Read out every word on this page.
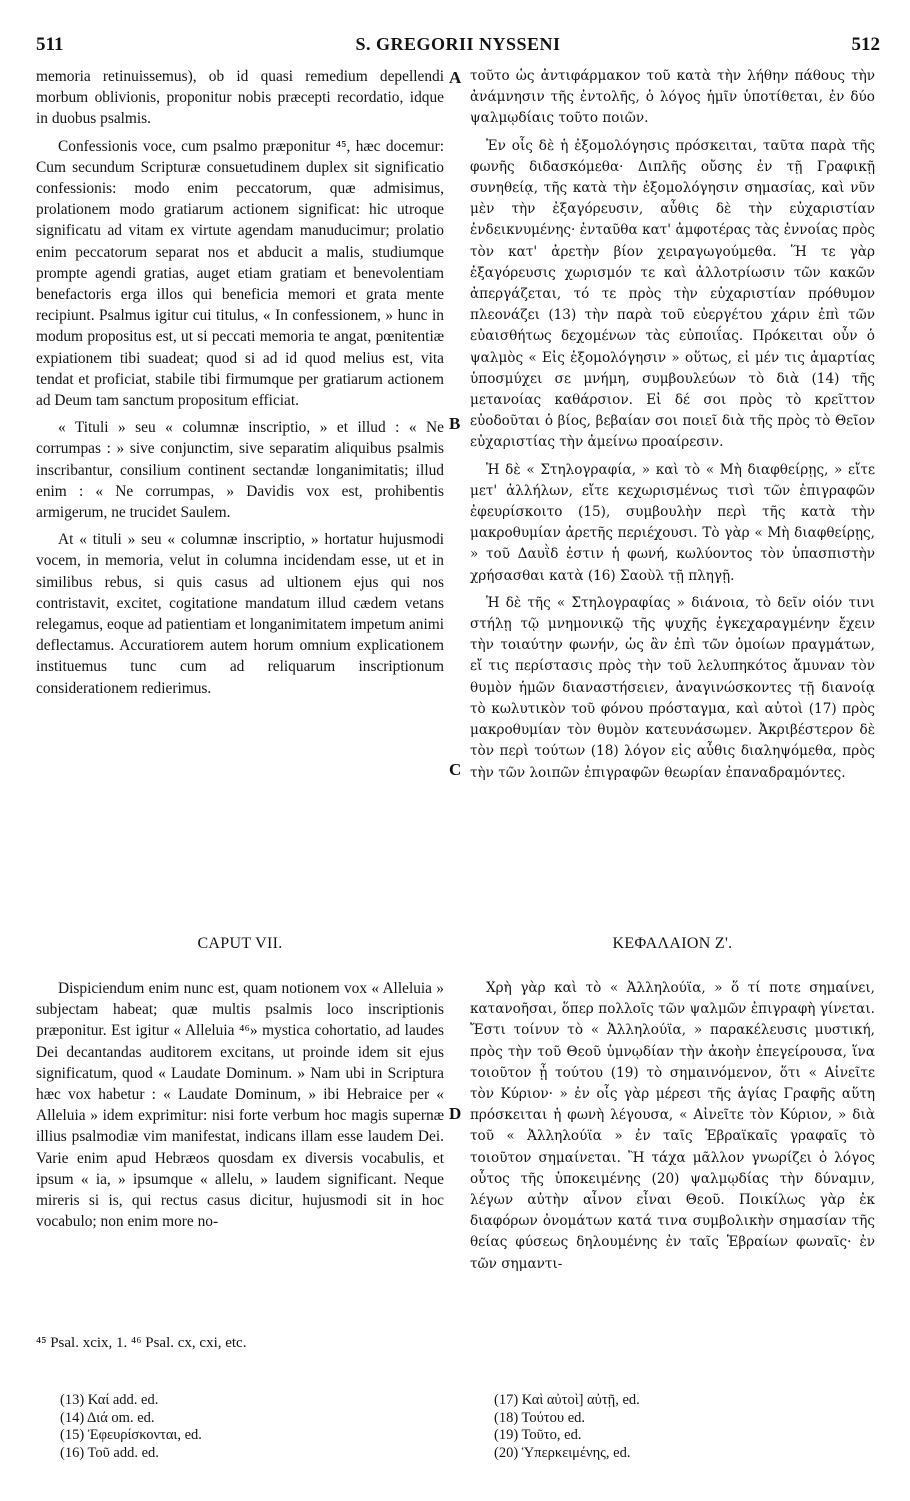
511	S. GREGORII NYSSENI	512

memoria retinuissemus), ob id quasi remedium depellendi morbum oblivionis, proponitur nobis præcepti recordatio, idque in duobus psalmis.

Confessionis voce, cum psalmo præponitur ⁴⁵, hæc docemur: Cum secundum Scripturæ consuetudinem duplex sit significatio confessionis: modo enim peccatorum, quæ admisimus, prolationem modo gratiarum actionem significat: hic utroque significatu ad vitam ex virtute agendam manuducimur; prolatio enim peccatorum separat nos et abducit a malis, studiumque prompte agendi gratias, auget etiam gratiam et benevolentiam benefactoris erga illos qui beneficia memori et grata mente recipiunt. Psalmus igitur cui titulus, « In confessionem, » hunc in modum propositus est, ut si peccati memoria te angat, pœnitentiæ expiationem tibi suadeat; quod si ad id quod melius est, vita tendat et proficiat, stabile tibi firmumque per gratiarum actionem ad Deum tam sanctum propositum efficiat.

« Tituli » seu « columnæ inscriptio, » et illud : « Ne corrumpas : » sive conjunctim, sive separatim aliquibus psalmis inscribantur, consilium continent sectandæ longanimitatis; illud enim : « Ne corrumpas, » Davidis vox est, prohibentis armigerum, ne trucidet Saulem.

At « tituli » seu « columnæ inscriptio, » hortatur hujusmodi vocem, in memoria, velut in columna incidendam esse, ut et in similibus rebus, si quis casus ad ultionem ejus qui nos contristavit, excitet, cogitatione mandatum illud cædem vetans relegamus, eoque ad patientiam et longanimitatem impetum animi deflectamus. Accuratiorem autem horum omnium explicationem instituemus tunc cum ad reliquarum inscriptionum considerationem redierimus.

τοῦτο ὡς ἀντιφάρμακον τοῦ κατὰ τὴν λήθην πάθους τὴν ἀνάμνησιν τῆς ἐντολῆς, ὁ λόγος ἡμῖν ὑποτίθεται, ἐν δύο ψαλμῳδίαις τοῦτο ποιῶν.

Ἐν οἷς δὲ ἡ ἐξομολόγησις πρόσκειται, ταῦτα παρὰ τῆς φωνῆς διδασκόμεθα· Διπλῆς οὔσης ἐν τῇ Γραφικῇ συνηθείᾳ, τῆς κατὰ τὴν ἐξομολόγησιν σημασίας, καὶ νῦν μὲν τὴν ἐξαγόρευσιν, αὖθις δὲ τὴν εὐχαριστίαν ἐνδεικνυμένης· ἐνταῦθα κατ' ἀμφοτέρας τὰς ἐννοίας πρὸς τὸν κατ' ἀρετὴν βίον χειραγωγούμεθα. Ἥ τε γὰρ ἐξαγόρευσις χωρισμόν τε καὶ ἀλλοτρίωσιν τῶν κακῶν ἀπεργάζεται, τό τε πρὸς τὴν εὐχαριστίαν πρόθυμον πλεονάζει (13) τὴν παρὰ τοῦ εὐεργέτου χάριν ἐπὶ τῶν εὐαισθήτως δεχομένων τὰς εὐποιΐας. Πρόκειται οὖν ὁ ψαλμὸς « Εἰς ἐξομολόγησιν » οὕτως, εἰ μέν τις ἁμαρτίας ὑποσμύχει σε μνήμη, συμβουλεύων τὸ διὰ (14) τῆς μετανοίας καθάρσιον. Εἰ δέ σοι πρὸς τὸ κρεῖττον εὐοδοῦται ὁ βίος, βεβαίαν σοι ποιεῖ διὰ τῆς πρὸς τὸ Θεῖον εὐχαριστίας τὴν ἀμείνω προαίρεσιν.

Ἡ δὲ « Στηλογραφία, » καὶ τὸ « Μὴ διαφθείρῃς, » εἴτε μετ' ἀλλήλων, εἴτε κεχωρισμένως τισὶ τῶν ἐπιγραφῶν ἐφευρίσκοιτο (15), συμβουλὴν περὶ τῆς κατὰ τὴν μακροθυμίαν ἀρετῆς περιέχουσι. Τὸ γὰρ « Μὴ διαφθείρῃς, » τοῦ Δαυῒδ ἐστιν ἡ φωνή, κωλύοντος τὸν ὑπασπιστὴν χρήσασθαι κατὰ (16) Σαοὺλ τῇ πληγῇ.

Ἡ δὲ τῆς « Στηλογραφίας » διάνοια, τὸ δεῖν οἱόν τινι στήλῃ τῷ μνημονικῷ τῆς ψυχῆς ἐγκεχαραγμένην ἔχειν τὴν τοιαύτην φωνήν, ὡς ἂν ἐπὶ τῶν ὁμοίων πραγμάτων, εἴ τις περίστασις πρὸς τὴν τοῦ λελυπηκότος ἄμυναν τὸν θυμὸν ἡμῶν διαναστήσειεν, ἀναγινώσκοντες τῇ διανοίᾳ τὸ κωλυτικὸν τοῦ φόνου πρόσταγμα, καὶ αὐτοὶ (17) πρὸς μακροθυμίαν τὸν θυμὸν κατευνάσωμεν. Ἀκριβέστερον δὲ τὸν περὶ τούτων (18) λόγον εἰς αὖθις διαληψόμεθα, πρὸς τὴν τῶν λοιπῶν ἐπιγραφῶν θεωρίαν ἐπαναδραμόντες.

A
B
C
D
CAPUT VII.	ΚΕΦΑΛΑΙΟΝ Ζ'.

Dispiciendum enim nunc est, quam notionem vox « Alleluia » subjectam habeat; quæ multis psalmis loco inscriptionis præponitur. Est igitur « Alleluia ⁴⁶» mystica cohortatio, ad laudes Dei decantandas auditorem excitans, ut proinde idem sit ejus significatum, quod « Laudate Dominum. » Nam ubi in Scriptura hæc vox habetur : « Laudate Dominum, » ibi Hebraice per « Alleluia » idem exprimitur: nisi forte verbum hoc magis supernæ illius psalmodiæ vim manifestat, indicans illam esse laudem Dei. Varie enim apud Hebræos quosdam ex diversis vocabulis, et ipsum « ia, » ipsumque « allelu, » laudem significant. Neque mireris si is, qui rectus casus dicitur, hujusmodi sit in hoc vocabulo; non enim more no-

Χρὴ γὰρ καὶ τὸ « Ἀλληλούϊα, » ὅ τί ποτε σημαίνει, κατανοῆσαι, ὅπερ πολλοῖς τῶν ψαλμῶν ἐπιγραφὴ γίνεται. Ἔστι τοίνυν τὸ « Ἀλληλούϊα, » παρακέλευσις μυστική, πρὸς τὴν τοῦ Θεοῦ ὑμνῳδίαν τὴν ἀκοὴν ἐπεγείρουσα, ἵνα τοιοῦτον ᾖ τούτου (19) τὸ σημαινόμενον, ὅτι « Αἰνεῖτε τὸν Κύριον· » ἐν οἷς γὰρ μέρεσι τῆς ἁγίας Γραφῆς αὕτη πρόσκειται ἡ φωνὴ λέγουσα, « Αἰνεῖτε τὸν Κύριον, » διὰ τοῦ « Ἀλληλούϊα » ἐν ταῖς Ἑβραϊκαῖς γραφαῖς τὸ τοιοῦτον σημαίνεται. Ἢ τάχα μᾶλλον γνωρίζει ὁ λόγος οὗτος τῆς ὑποκειμένης (20) ψαλμῳδίας τὴν δύναμιν, λέγων αὐτὴν αἶνον εἶναι Θεοῦ. Ποικίλως γὰρ ἐκ διαφόρων ὀνομάτων κατά τινα συμβολικὴν σημασίαν τῆς θείας φύσεως δηλουμένης ἐν ταῖς Ἑβραίων φωναῖς· ἐν τῶν σημαντι-

⁴⁵ Psal. xcix, 1. ⁴⁶ Psal. cx, cxi, etc.
(13) Καί add. ed.
(14) Διά om. ed.
(15) Ἐφευρίσκονται, ed.
(16) Τοῦ add. ed.
(17) Καὶ αὐτοὶ] αὐτῇ, ed.
(18) Τούτου ed.
(19) Τοῦτο, ed.
(20) Ὑπερκειμένης, ed.
